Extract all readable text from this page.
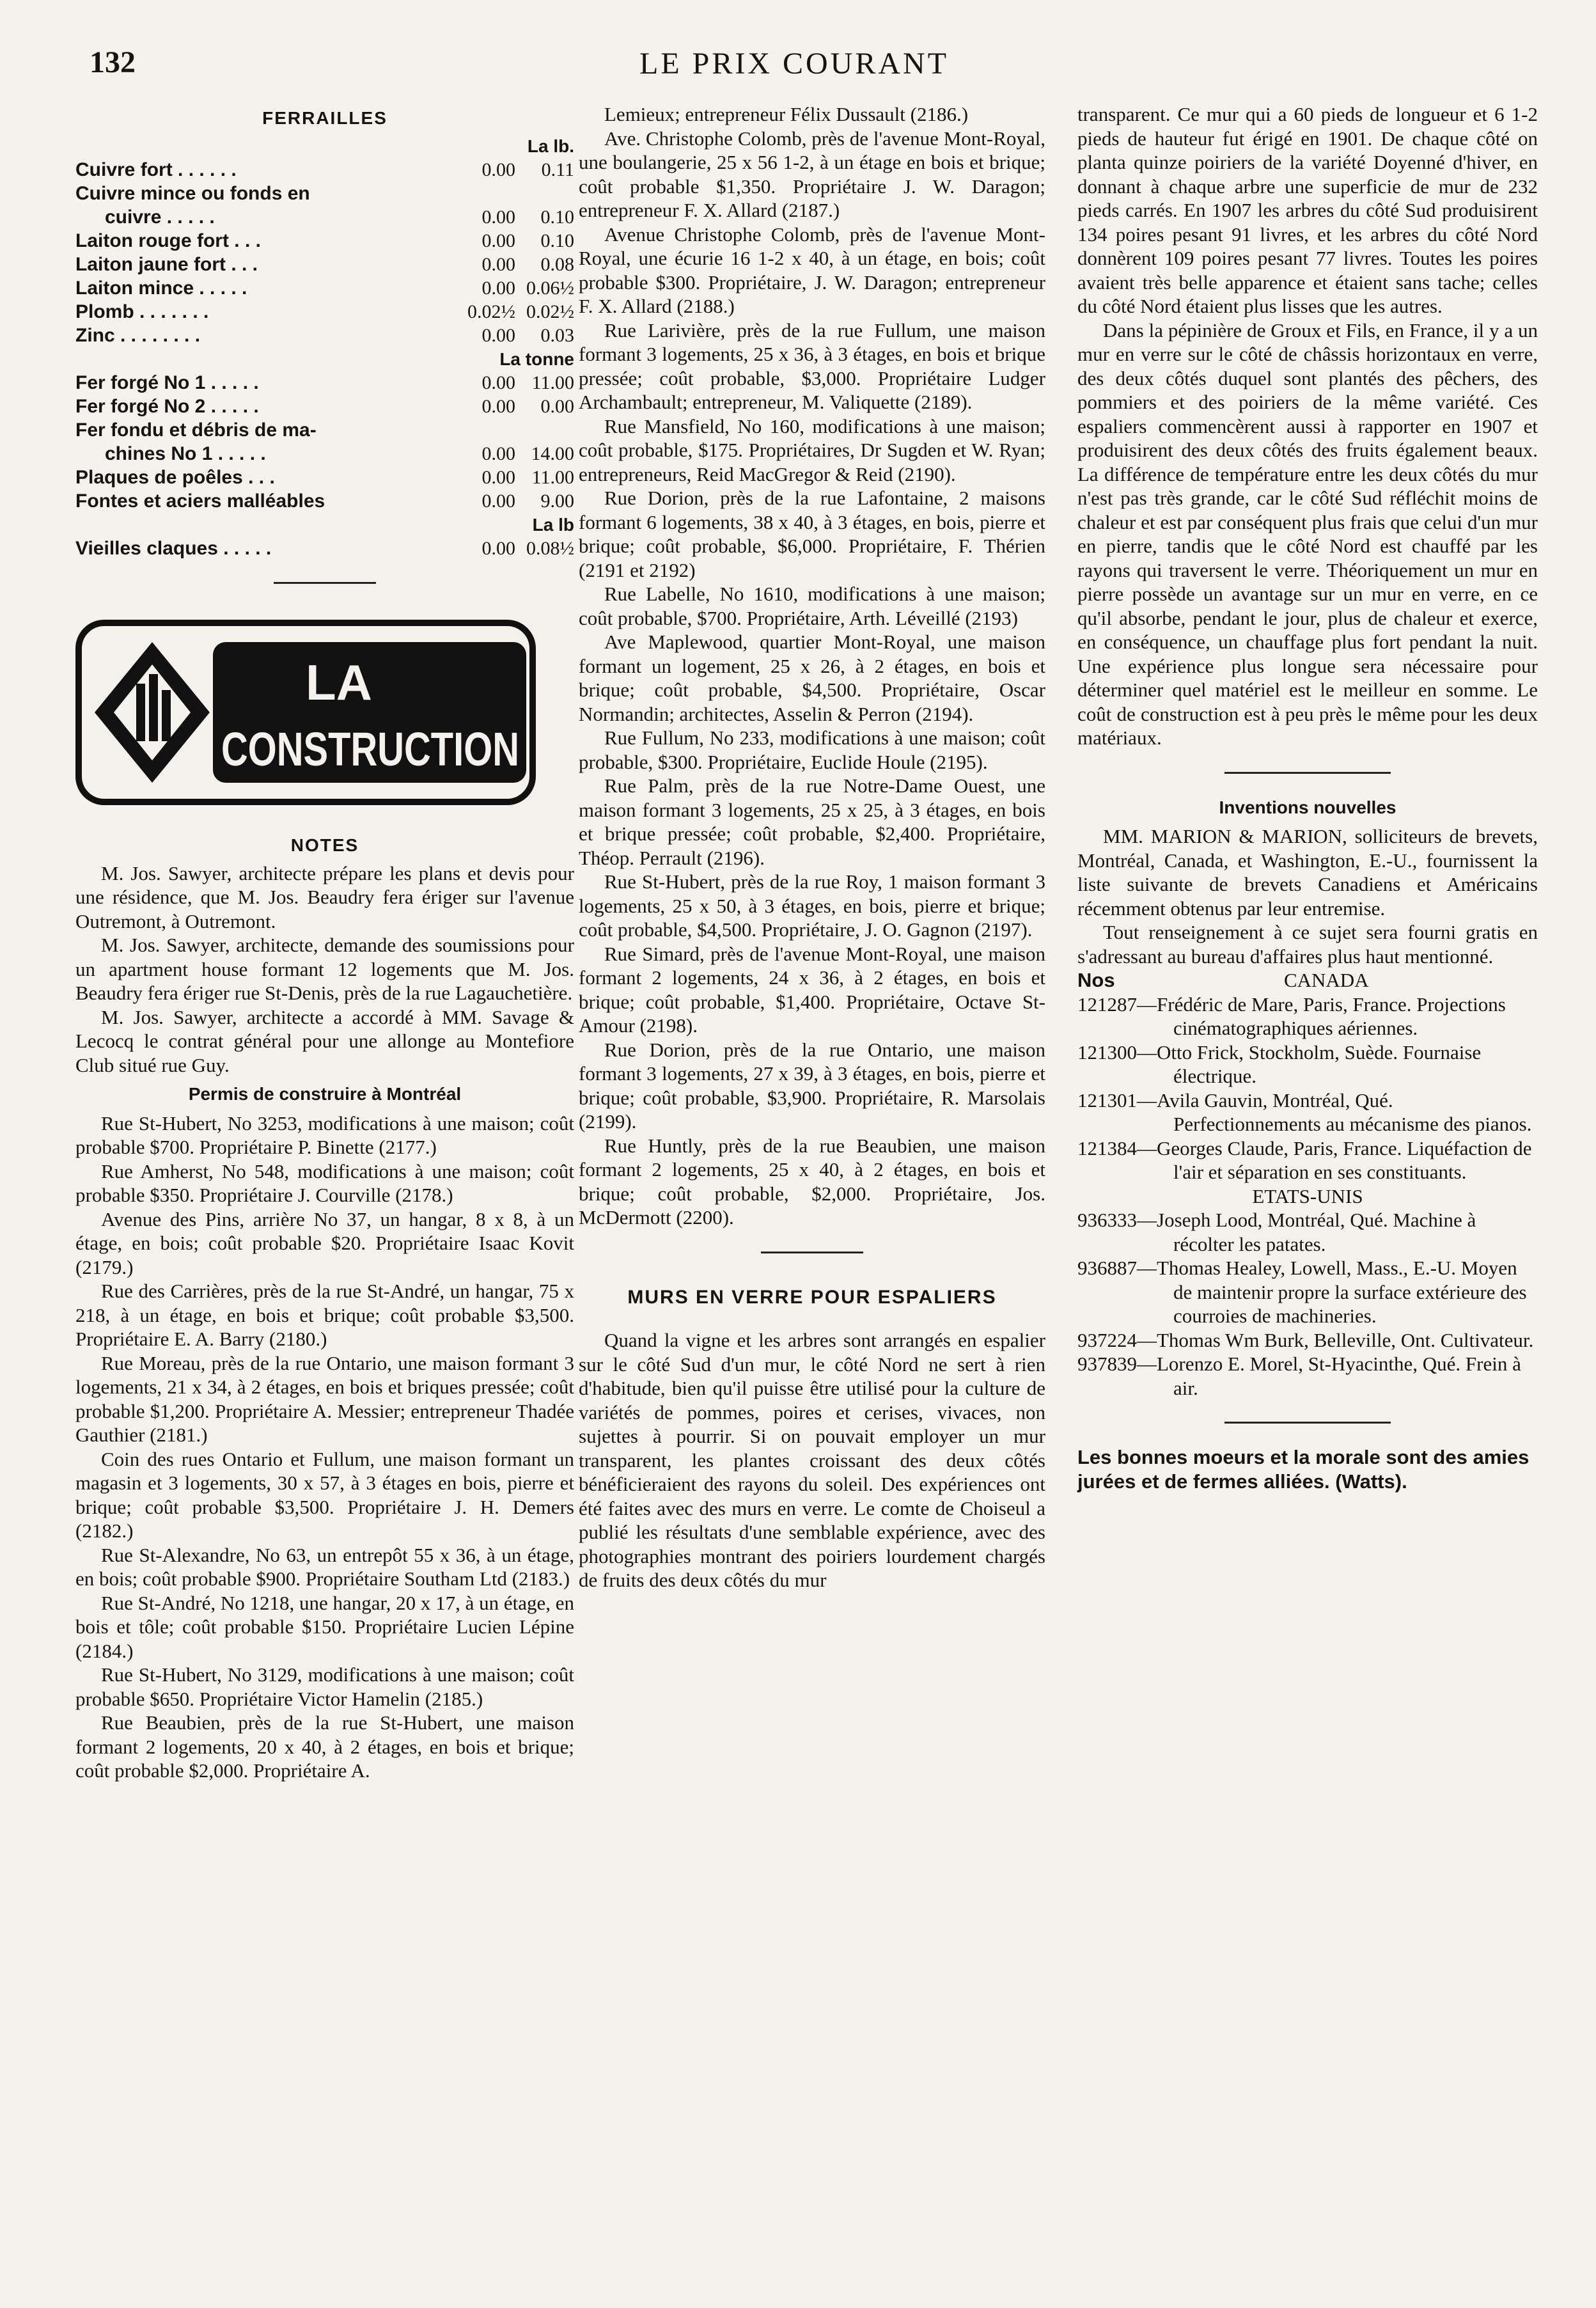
132	LE PRIX COURANT
FERRAILLES
La lb.		
Cuivre fort . . . . . .	0.00	0.11
Cuivre mince ou fonds en		
cuivre . . . . .	0.00	0.10
Laiton rouge fort . . .	0.00	0.10
Laiton jaune fort . . .	0.00	0.08
Laiton mince . . . . .	0.00	0.06½
Plomb . . . . . . .	0.02½	0.02½
Zinc . . . . . . . .	0.00	0.03
La tonne		
Fer forgé No 1 . . . . .	0.00	11.00
Fer forgé No 2 . . . . .	0.00	0.00
Fer fondu et débris de ma-		
chines No 1 . . . . .	0.00	14.00
Plaques de poêles . . .	0.00	11.00
Fontes et aciers malléables	0.00	9.00
La lb		
Vieilles claques . . . . .	0.00	0.08½
LA
CONSTRUCTION
NOTES

M. Jos. Sawyer, architecte prépare les plans et devis pour une résidence, que M. Jos. Beaudry fera ériger sur l'avenue Outremont, à Outremont.

M. Jos. Sawyer, architecte, demande des soumissions pour un apartment house formant 12 logements que M. Jos. Beaudry fera ériger rue St-Denis, près de la rue Lagauchetière.

M. Jos. Sawyer, architecte a accordé à MM. Savage & Lecocq le contrat général pour une allonge au Montefiore Club situé rue Guy.

Permis de construire à Montréal

Rue St-Hubert, No 3253, modifications à une maison; coût probable $700. Propriétaire P. Binette (2177.)

Rue Amherst, No 548, modifications à une maison; coût probable $350. Propriétaire J. Courville (2178.)

Avenue des Pins, arrière No 37, un hangar, 8 x 8, à un étage, en bois; coût probable $20. Propriétaire Isaac Kovit (2179.)

Rue des Carrières, près de la rue St-André, un hangar, 75 x 218, à un étage, en bois et brique; coût probable $3,500. Propriétaire E. A. Barry (2180.)

Rue Moreau, près de la rue Ontario, une maison formant 3 logements, 21 x 34, à 2 étages, en bois et briques pressée; coût probable $1,200. Propriétaire A. Messier; entrepreneur Thadée Gauthier (2181.)

Coin des rues Ontario et Fullum, une maison formant un magasin et 3 logements, 30 x 57, à 3 étages en bois, pierre et brique; coût probable $3,500. Propriétaire J. H. Demers (2182.)

Rue St-Alexandre, No 63, un entrepôt 55 x 36, à un étage, en bois; coût probable $900. Propriétaire Southam Ltd (2183.)

Rue St-André, No 1218, une hangar, 20 x 17, à un étage, en bois et tôle; coût probable $150. Propriétaire Lucien Lépine (2184.)

Rue St-Hubert, No 3129, modifications à une maison; coût probable $650. Propriétaire Victor Hamelin (2185.)

Rue Beaubien, près de la rue St-Hubert, une maison formant 2 logements, 20 x 40, à 2 étages, en bois et brique; coût probable $2,000. Propriétaire A.

Lemieux; entrepreneur Félix Dussault (2186.)

Ave. Christophe Colomb, près de l'avenue Mont-Royal, une boulangerie, 25 x 56 1-2, à un étage en bois et brique; coût probable $1,350. Propriétaire J. W. Daragon; entrepreneur F. X. Allard (2187.)

Avenue Christophe Colomb, près de l'avenue Mont-Royal, une écurie 16 1-2 x 40, à un étage, en bois; coût probable $300. Propriétaire, J. W. Daragon; entrepreneur F. X. Allard (2188.)

Rue Larivière, près de la rue Fullum, une maison formant 3 logements, 25 x 36, à 3 étages, en bois et brique pressée; coût probable, $3,000. Propriétaire Ludger Archambault; entrepreneur, M. Valiquette (2189).

Rue Mansfield, No 160, modifications à une maison; coût probable, $175. Propriétaires, Dr Sugden et W. Ryan; entrepreneurs, Reid MacGregor & Reid (2190).

Rue Dorion, près de la rue Lafontaine, 2 maisons formant 6 logements, 38 x 40, à 3 étages, en bois, pierre et brique; coût probable, $6,000. Propriétaire, F. Thérien (2191 et 2192)

Rue Labelle, No 1610, modifications à une maison; coût probable, $700. Propriétaire, Arth. Léveillé (2193)

Ave Maplewood, quartier Mont-Royal, une maison formant un logement, 25 x 26, à 2 étages, en bois et brique; coût probable, $4,500. Propriétaire, Oscar Normandin; architectes, Asselin & Perron (2194).

Rue Fullum, No 233, modifications à une maison; coût probable, $300. Propriétaire, Euclide Houle (2195).

Rue Palm, près de la rue Notre-Dame Ouest, une maison formant 3 logements, 25 x 25, à 3 étages, en bois et brique pressée; coût probable, $2,400. Propriétaire, Théop. Perrault (2196).

Rue St-Hubert, près de la rue Roy, 1 maison formant 3 logements, 25 x 50, à 3 étages, en bois, pierre et brique; coût probable, $4,500. Propriétaire, J. O. Gagnon (2197).

Rue Simard, près de l'avenue Mont-Royal, une maison formant 2 logements, 24 x 36, à 2 étages, en bois et brique; coût probable, $1,400. Propriétaire, Octave St-Amour (2198).

Rue Dorion, près de la rue Ontario, une maison formant 3 logements, 27 x 39, à 3 étages, en bois, pierre et brique; coût probable, $3,900. Propriétaire, R. Marsolais (2199).

Rue Huntly, près de la rue Beaubien, une maison formant 2 logements, 25 x 40, à 2 étages, en bois et brique; coût probable, $2,000. Propriétaire, Jos. McDermott (2200).

MURS EN VERRE POUR ESPALIERS

Quand la vigne et les arbres sont arrangés en espalier sur le côté Sud d'un mur, le côté Nord ne sert à rien d'habitude, bien qu'il puisse être utilisé pour la culture de variétés de pommes, poires et cerises, vivaces, non sujettes à pourrir. Si on pouvait employer un mur transparent, les plantes croissant des deux côtés bénéficieraient des rayons du soleil. Des expériences ont été faites avec des murs en verre. Le comte de Choiseul a publié les résultats d'une semblable expérience, avec des photographies montrant des poiriers lourdement chargés de fruits des deux côtés du mur

transparent. Ce mur qui a 60 pieds de longueur et 6 1-2 pieds de hauteur fut érigé en 1901. De chaque côté on planta quinze poiriers de la variété Doyenné d'hiver, en donnant à chaque arbre une superficie de mur de 232 pieds carrés. En 1907 les arbres du côté Sud produisirent 134 poires pesant 91 livres, et les arbres du côté Nord donnèrent 109 poires pesant 77 livres. Toutes les poires avaient très belle apparence et étaient sans tache; celles du côté Nord étaient plus lisses que les autres.

Dans la pépinière de Groux et Fils, en France, il y a un mur en verre sur le côté de châssis horizontaux en verre, des deux côtés duquel sont plantés des pêchers, des pommiers et des poiriers de la même variété. Ces espaliers commencèrent aussi à rapporter en 1907 et produisirent des deux côtés des fruits également beaux. La différence de température entre les deux côtés du mur n'est pas très grande, car le côté Sud réfléchit moins de chaleur et est par conséquent plus frais que celui d'un mur en pierre, tandis que le côté Nord est chauffé par les rayons qui traversent le verre. Théoriquement un mur en pierre possède un avantage sur un mur en verre, en ce qu'il absorbe, pendant le jour, plus de chaleur et exerce, en conséquence, un chauffage plus fort pendant la nuit. Une expérience plus longue sera nécessaire pour déterminer quel matériel est le meilleur en somme. Le coût de construction est à peu près le même pour les deux matériaux.

Inventions nouvelles

MM. MARION & MARION, solliciteurs de brevets, Montréal, Canada, et Washington, E.-U., fournissent la liste suivante de brevets Canadiens et Américains récemment obtenus par leur entremise.

Tout renseignement à ce sujet sera fourni gratis en s'adressant au bureau d'affaires plus haut mentionné.

Nos	CANADA

121287—Frédéric de Mare, Paris, France. Projections cinématographiques aériennes.

121300—Otto Frick, Stockholm, Suède. Fournaise électrique.

121301—Avila Gauvin, Montréal, Qué. Perfectionnements au mécanisme des pianos.

121384—Georges Claude, Paris, France. Liquéfaction de l'air et séparation en ses constituants.

ETATS-UNIS

936333—Joseph Lood, Montréal, Qué. Machine à récolter les patates.

936887—Thomas Healey, Lowell, Mass., E.-U. Moyen de maintenir propre la surface extérieure des courroies de machineries.

937224—Thomas Wm Burk, Belleville, Ont. Cultivateur.

937839—Lorenzo E. Morel, St-Hyacinthe, Qué. Frein à air.

Les bonnes moeurs et la morale sont des amies jurées et de fermes alliées. (Watts).
